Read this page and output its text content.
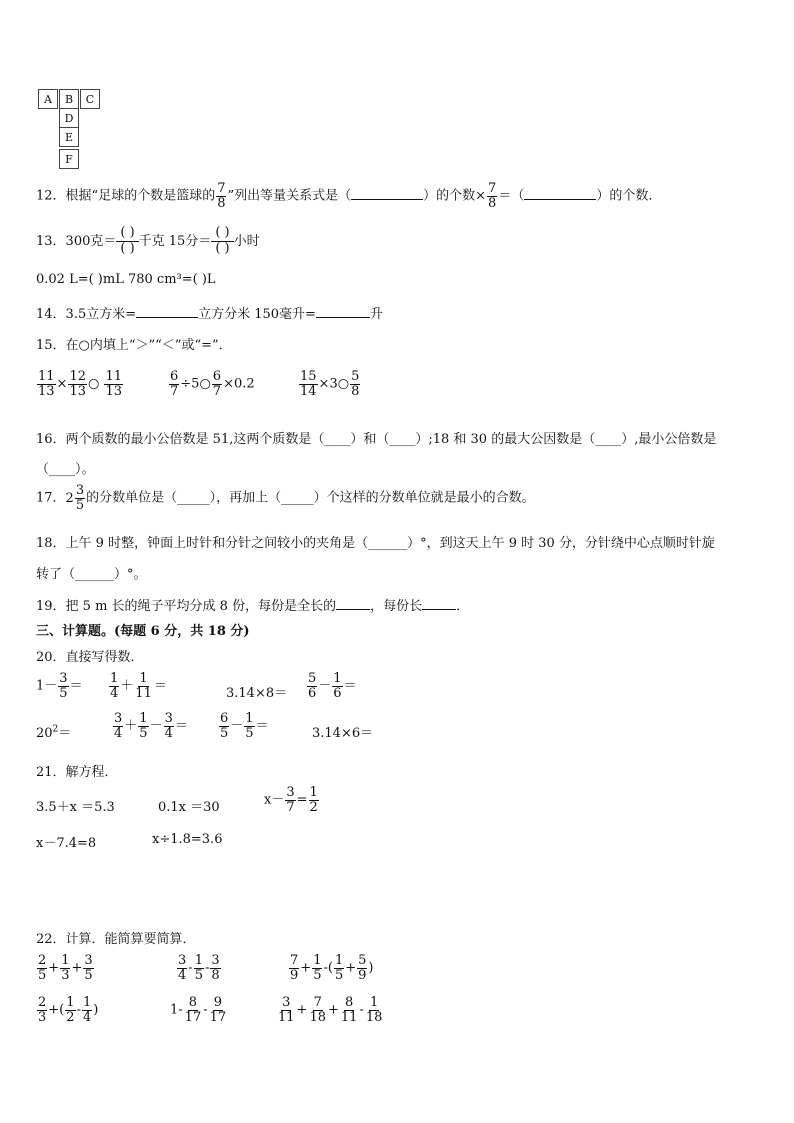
A	B	C
D
E
F
12．根据“足球的个数是篮球的 $\frac{7}{8}$ ”列出等量关系式是（	）的个数× $\frac{7}{8}$ ＝（	）的个数．
13．300克＝
( )
( ) 千克 15分＝
( )
( ) 小时
0.02 L=( )mL 780 cm³=( )L
14．3.5立方米=	立方分米 150毫升=	升
15．在○内填上“＞”“＜”或“=”．
$\frac{11}{13} \times \frac{12}{13}$ ○ $\frac{11}{13}$	$\frac{6}{7}$ ÷5○ $\frac{6}{7} \times 0.2$	$\frac{15}{14}$ ×3○ $\frac{5}{8}$
16．两个质数的最小公倍数是 51,这两个质数是（____）和（____）;18 和 30 的最大公因数是（____）,最小公倍数是
（____）。
17． $2 \frac{3}{5}$ 的分数单位是（_____），再加上（_____）个这样的分数单位就是最小的合数。
18．上午 9 时整，钟面上时针和分针之间较小的夹角是（______）°，到这天上午 9 时 30 分，分针绕中心点顺时针旋
转了（______）°。
19．把 5 m 长的绳子平均分成 8 份，每份是全长的	，每份长	．
三、计算题。(每题 6 分，共 18 分)
20．直接写得数．
$1- \frac{3}{5} = \frac{1}{4} + \frac{1}{11}$ ＝	$3.14\times 8= \frac{5}{6} - \frac{1}{6}$ ＝
$20^2=$	$\frac{3}{4} + \frac{1}{5} - \frac{3}{4} = \frac{6}{5} - \frac{1}{5}$ ＝	3.14×6＝
21．解方程．
3.5＋x ＝5.3	0.1x ＝30	$x- \frac{3}{7} = \frac{1}{2}$
x－7.4=8	x÷1.8=3.6
22．计算．能简算要简算．
$\frac{2}{5} + \frac{1}{3} + \frac{3}{5}$	$\frac{3}{4} - \frac{1}{5} - \frac{3}{8}$	$\frac{7}{9} + \frac{1}{5}$ -( $\frac{1}{5} + \frac{5}{9}$ )
$\frac{2}{3}$ +( $\frac{1}{2} - \frac{1}{4}$ )	$1- \frac{8}{17} - \frac{9}{17}$	$\frac{3}{11} + \frac{7}{18} + \frac{8}{11} - \frac{1}{18}$
